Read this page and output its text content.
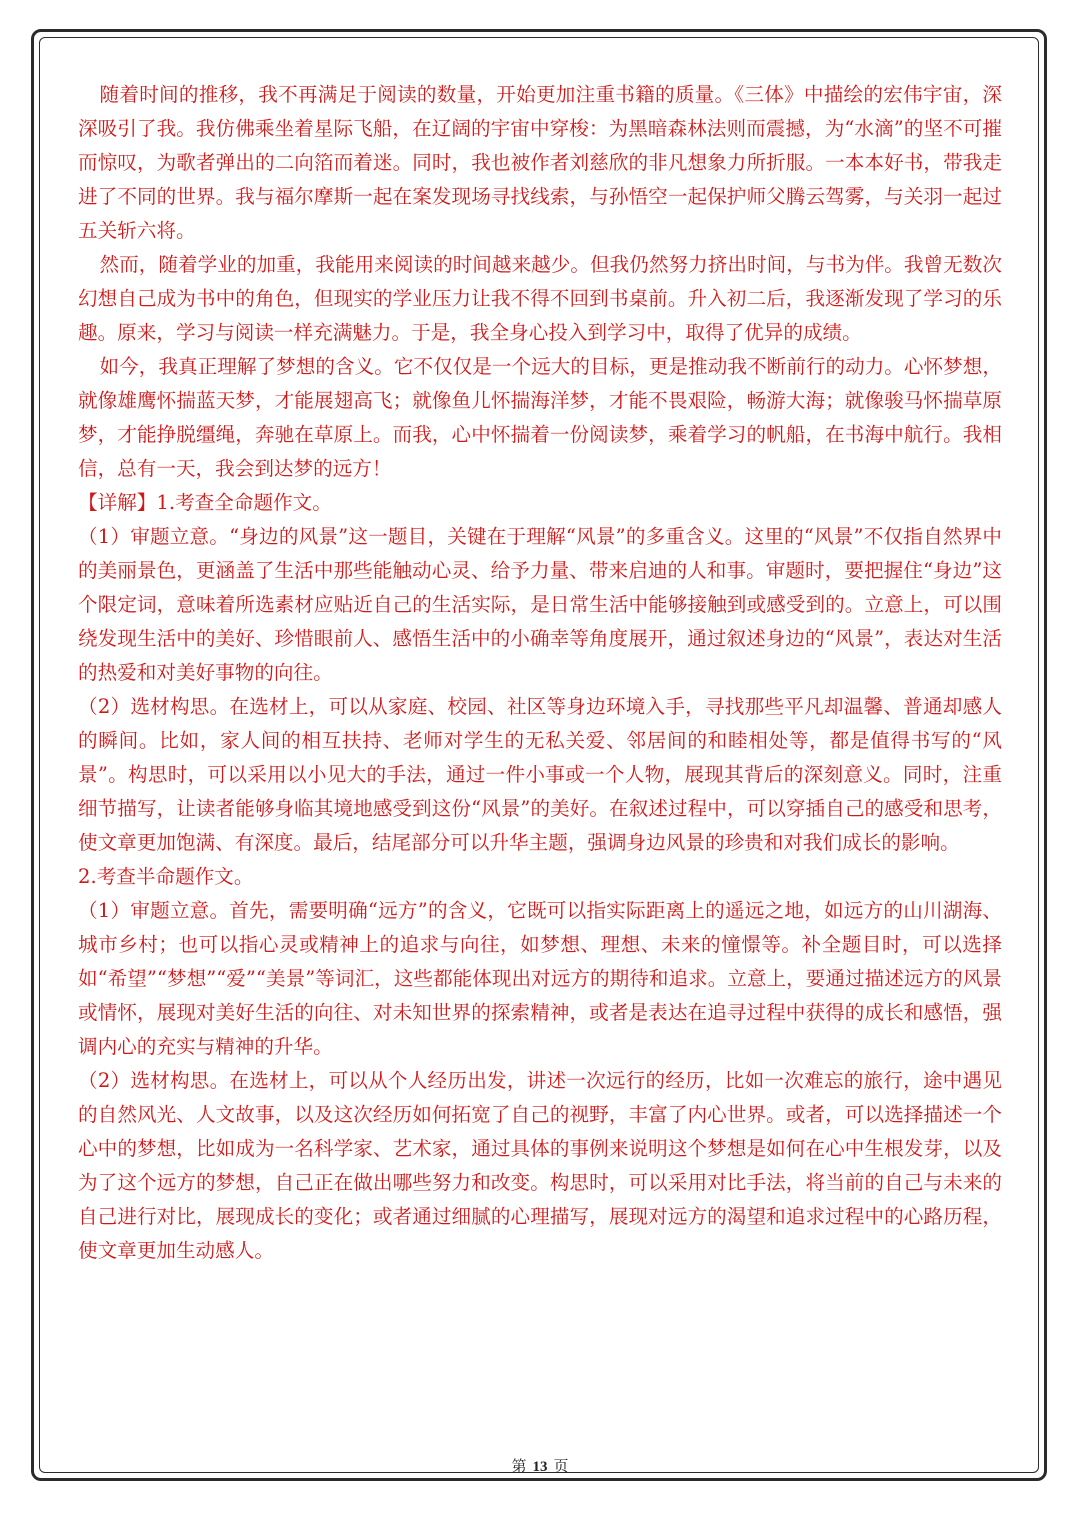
随着时间的推移，我不再满足于阅读的数量，开始更加注重书籍的质量。《三体》中描绘的宏伟宇宙，深深吸引了我。我仿佛乘坐着星际飞船，在辽阔的宇宙中穿梭：为黑暗森林法则而震撼，为“水滴”的坚不可摧而惊叹，为歌者弹出的二向箔而着迷。同时，我也被作者刘慈欣的非凡想象力所折服。一本本好书，带我走进了不同的世界。我与福尔摩斯一起在案发现场寻找线索，与孙悟空一起保护师父腾云驾雾，与关羽一起过五关斩六将。

然而，随着学业的加重，我能用来阅读的时间越来越少。但我仍然努力挤出时间，与书为伴。我曾无数次幻想自己成为书中的角色，但现实的学业压力让我不得不回到书桌前。升入初二后，我逐渐发现了学习的乐趣。原来，学习与阅读一样充满魅力。于是，我全身心投入到学习中，取得了优异的成绩。

如今，我真正理解了梦想的含义。它不仅仅是一个远大的目标，更是推动我不断前行的动力。心怀梦想，就像雄鹰怀揣蓝天梦，才能展翅高飞；就像鱼儿怀揣海洋梦，才能不畏艰险，畅游大海；就像骏马怀揣草原梦，才能挣脱缰绳，奔驰在草原上。而我，心中怀揣着一份阅读梦，乘着学习的帆船，在书海中航行。我相信，总有一天，我会到达梦的远方！

【详解】1.考查全命题作文。

（1）审题立意。“身边的风景”这一题目，关键在于理解“风景”的多重含义。这里的“风景”不仅指自然界中的美丽景色，更涵盖了生活中那些能触动心灵、给予力量、带来启迪的人和事。审题时，要把握住“身边”这个限定词，意味着所选素材应贴近自己的生活实际，是日常生活中能够接触到或感受到的。立意上，可以围绕发现生活中的美好、珍惜眼前人、感悟生活中的小确幸等角度展开，通过叙述身边的“风景”，表达对生活的热爱和对美好事物的向往。

（2）选材构思。在选材上，可以从家庭、校园、社区等身边环境入手，寻找那些平凡却温馨、普通却感人的瞬间。比如，家人间的相互扶持、老师对学生的无私关爱、邻居间的和睦相处等，都是值得书写的“风景”。构思时，可以采用以小见大的手法，通过一件小事或一个人物，展现其背后的深刻意义。同时，注重细节描写，让读者能够身临其境地感受到这份“风景”的美好。在叙述过程中，可以穿插自己的感受和思考，使文章更加饱满、有深度。最后，结尾部分可以升华主题，强调身边风景的珍贵和对我们成长的影响。

2.考查半命题作文。

（1）审题立意。首先，需要明确“远方”的含义，它既可以指实际距离上的遥远之地，如远方的山川湖海、城市乡村；也可以指心灵或精神上的追求与向往，如梦想、理想、未来的憧憬等。补全题目时，可以选择如“希望”“梦想”“爱”“美景”等词汇，这些都能体现出对远方的期待和追求。立意上，要通过描述远方的风景或情怀，展现对美好生活的向往、对未知世界的探索精神，或者是表达在追寻过程中获得的成长和感悟，强调内心的充实与精神的升华。

（2）选材构思。在选材上，可以从个人经历出发，讲述一次远行的经历，比如一次难忘的旅行，途中遇见的自然风光、人文故事，以及这次经历如何拓宽了自己的视野，丰富了内心世界。或者，可以选择描述一个心中的梦想，比如成为一名科学家、艺术家，通过具体的事例来说明这个梦想是如何在心中生根发芽，以及为了这个远方的梦想，自己正在做出哪些努力和改变。构思时，可以采用对比手法，将当前的自己与未来的自己进行对比，展现成长的变化；或者通过细腻的心理描写，展现对远方的渴望和追求过程中的心路历程，使文章更加生动感人。

第 13 页
